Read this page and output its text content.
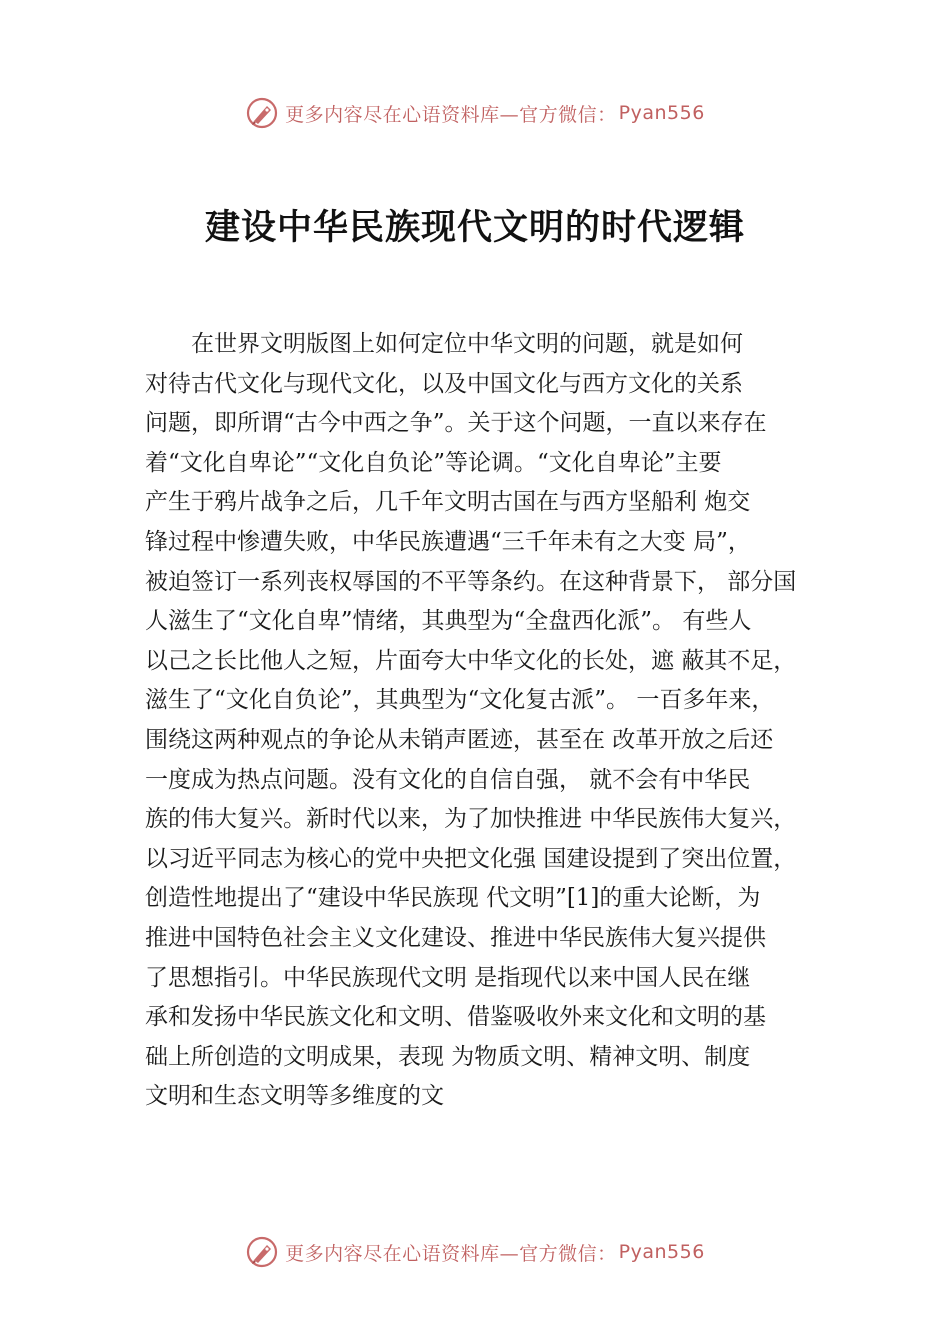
更多内容尽在心语资料库—官方微信： Pyan556
建设中华民族现代文明的时代逻辑
　　在世界文明版图上如何定位中华文明的问题，就是如何
对待古代文化与现代文化，以及中国文化与西方文化的关系
问题，即所谓“古今中西之争”。关于这个问题，一直以来存在
着“文化自卑论”“文化自负论”等论调。“文化自卑论”主要
产生于鸦片战争之后，几千年文明古国在与西方坚船利 炮交
锋过程中惨遭失败，中华民族遭遇“三千年未有之大变 局”，
被迫签订一系列丧权辱国的不平等条约。在这种背景下， 部分国
人滋生了“文化自卑”情绪，其典型为“全盘西化派”。 有些人
以己之长比他人之短，片面夸大中华文化的长处，遮 蔽其不足，
滋生了“文化自负论”，其典型为“文化复古派”。 一百多年来，
围绕这两种观点的争论从未销声匿迹，甚至在 改革开放之后还
一度成为热点问题。没有文化的自信自强， 就不会有中华民
族的伟大复兴。新时代以来，为了加快推进 中华民族伟大复兴，
以习近平同志为核心的党中央把文化强 国建设提到了突出位置，
创造性地提出了“建设中华民族现 代文明”[1]的重大论断，为
推进中国特色社会主义文化建设、推进中华民族伟大复兴提供
了思想指引。中华民族现代文明 是指现代以来中国人民在继
承和发扬中华民族文化和文明、借鉴吸收外来文化和文明的基
础上所创造的文明成果，表现 为物质文明、精神文明、制度
文明和生态文明等多维度的文
更多内容尽在心语资料库—官方微信： Pyan556
